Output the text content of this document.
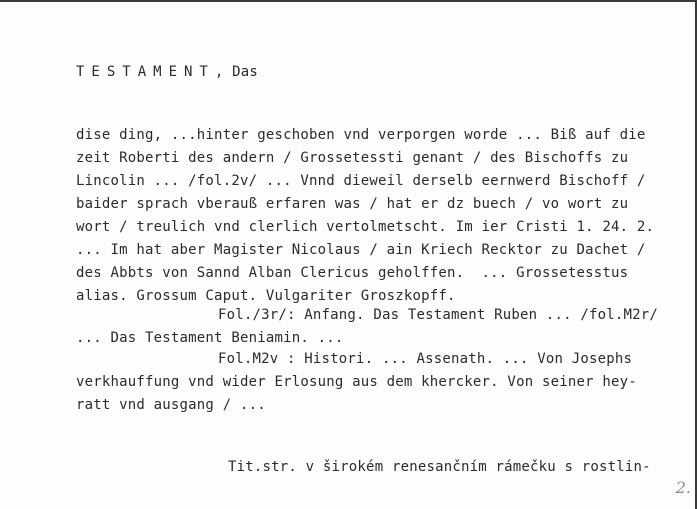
TESTAMENT, Das
dise ding, ...hinter geschoben vnd verporgen worde ... Biß auf die
zeit Roberti des andern / Grossetessti genant / des Bischoffs zu
Lincolin ... /fol.2v/ ... Vnnd dieweil derselb eernwerd Bischoff /
baider sprach vberauß erfaren was / hat er dz buech / vo wort zu
wort / treulich vnd clerlich vertolmetscht. Im ier Cristi 1. 24. 2.
... Im hat aber Magister Nicolaus / ain Kriech Recktor zu Dachet /
des Abbts von Sannd Alban Clericus geholffen.  ... Grossetesstus
alias. Grossum Caput. Vulgariter Groszkopff.
Fol./3r/: Anfang. Das Testament Ruben ... /fol.M2r/
... Das Testament Beniamin. ...
Fol.M2v : Histori. ... Assenath. ... Von Josephs
verkhauffung vnd wider Erlosung aus dem khercker. Von seiner hey-
ratt vnd ausgang / ...
Tit.str. v širokém renesančním rámečku s rostlin-
2.
